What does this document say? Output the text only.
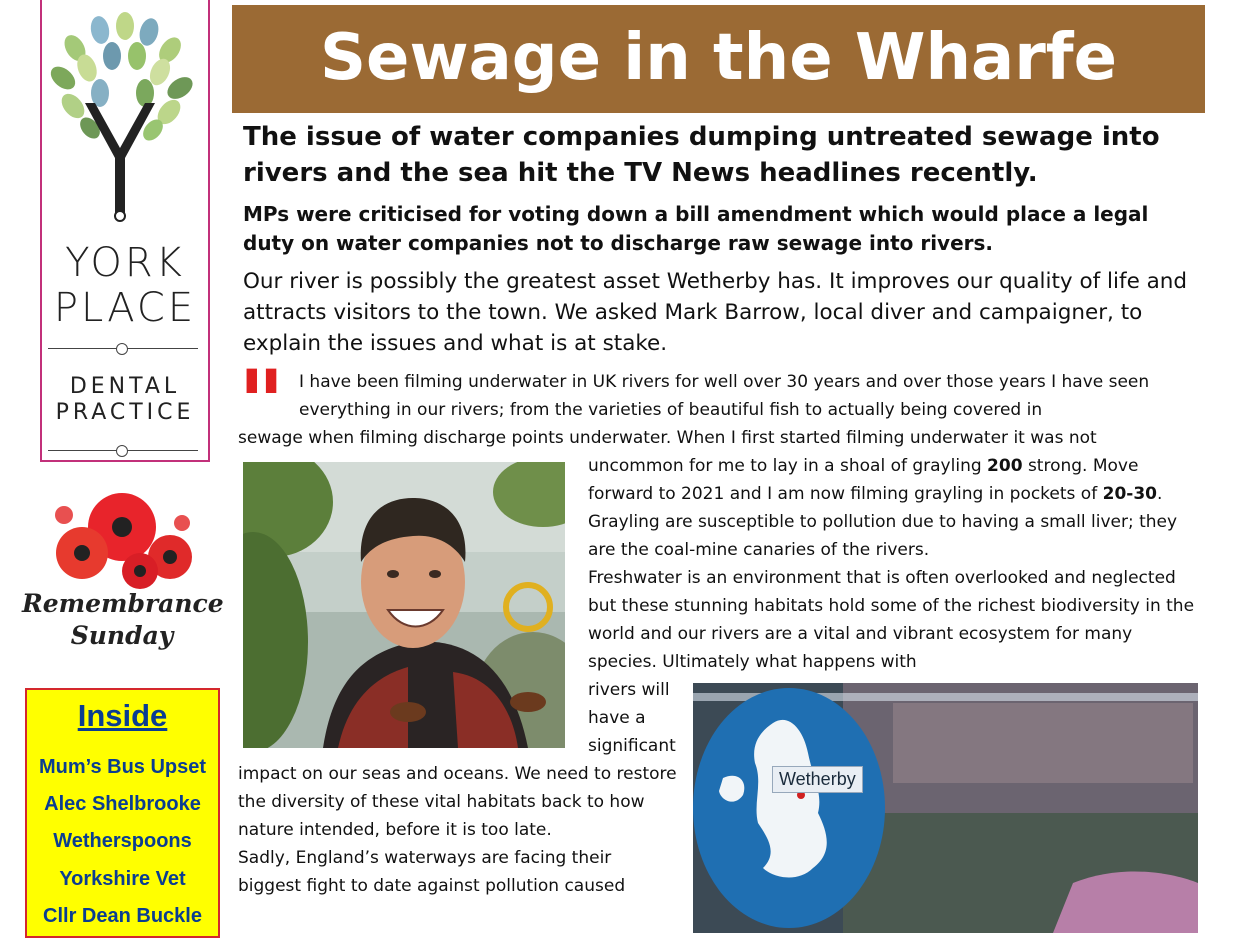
YORK
PLACE
DENTAL
PRACTICE
Remembrance
Sunday
Inside
Mum’s Bus Upset
Alec Shelbrooke
Wetherspoons
Yorkshire Vet
Cllr Dean Buckle
Sewage in the Wharfe
The issue of water companies dumping untreated sewage into rivers and the sea hit the TV News headlines recently.
MPs were criticised for voting down a bill amendment which would place a legal duty on water companies not to discharge raw sewage into rivers.
Our river is possibly the greatest asset Wetherby has. It improves our quality of life and attracts visitors to the town. We asked Mark Barrow, local diver and campaigner, to explain the issues and what is at stake.
" I have been filming underwater in UK rivers for well over 30 years and over those years I have seen everything in our rivers; from the varieties of beautiful fish to actually being covered in
sewage when filming discharge points underwater. When I first started filming underwater it was not
uncommon for me to lay in a shoal of grayling 200 strong. Move forward to 2021 and I am now filming grayling in pockets of 20-30. Grayling are susceptible to pollution due to having a small liver; they are the coal-mine canaries of the rivers.
Freshwater is an environment that is often overlooked and neglected but these stunning habitats hold some of the richest biodiversity in the world and our rivers are a vital and vibrant ecosystem for many species. Ultimately what happens with
rivers will have a significant
impact on our seas and oceans. We need to restore the diversity of these vital habitats back to how nature intended, before it is too late.
Sadly, England’s waterways are facing their biggest fight to date against pollution caused
Wetherby
